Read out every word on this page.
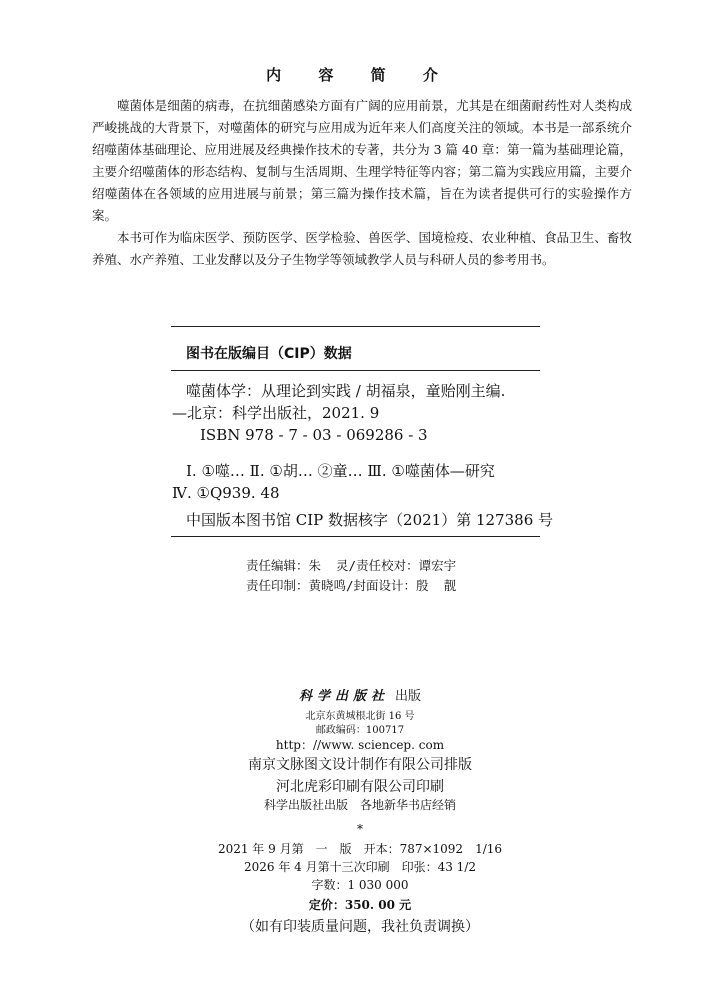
内 容 简 介

噬菌体是细菌的病毒，在抗细菌感染方面有广阔的应用前景，尤其是在细菌耐药性对人类构成严峻挑战的大背景下，对噬菌体的研究与应用成为近年来人们高度关注的领域。本书是一部系统介绍噬菌体基础理论、应用进展及经典操作技术的专著，共分为 3 篇 40 章：第一篇为基础理论篇，主要介绍噬菌体的形态结构、复制与生活周期、生理学特征等内容；第二篇为实践应用篇，主要介绍噬菌体在各领域的应用进展与前景；第三篇为操作技术篇，旨在为读者提供可行的实验操作方案。

本书可作为临床医学、预防医学、医学检验、兽医学、国境检疫、农业种植、食品卫生、畜牧养殖、水产养殖、工业发酵以及分子生物学等领域教学人员与科研人员的参考用书。

图书在版编目（CIP）数据
噬菌体学：从理论到实践 / 胡福泉，童贻刚主编.
—北京：科学出版社，2021. 9
ISBN 978 - 7 - 03 - 069286 - 3
Ⅰ. ①噬… Ⅱ. ①胡… ②童… Ⅲ. ①噬菌体—研究
Ⅳ. ①Q939. 48
中国版本图书馆 CIP 数据核字（2021）第 127386 号
责任编辑：朱  灵/责任校对：谭宏宇
责任印制：黄晓鸣/封面设计：殷  靓
科学出版社 出版
北京东黄城根北街 16 号
邮政编码：100717
http：//www. sciencep. com
南京文脉图文设计制作有限公司排版
河北虎彩印刷有限公司印刷
科学出版社出版　各地新华书店经销
*
2021 年 9 月第　一　版　开本：787×1092　1/16
2026 年 4 月第十三次印刷　印张：43 1/2
字数：1 030 000
定价：350. 00 元
（如有印装质量问题，我社负责调换）
